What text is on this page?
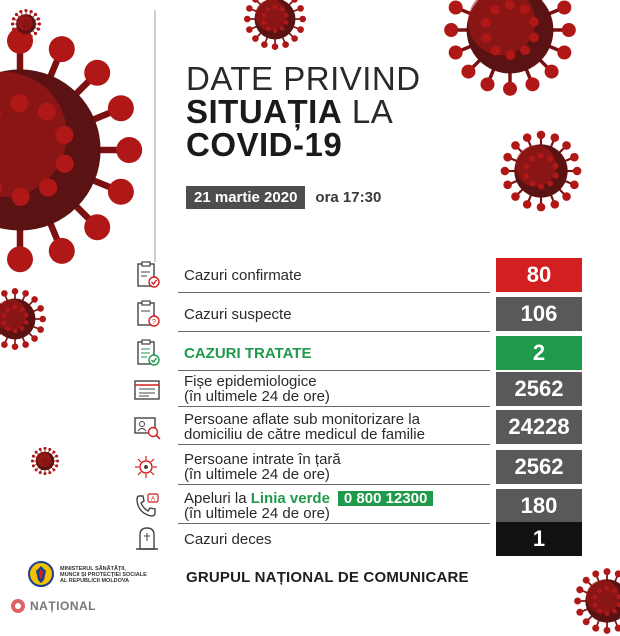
DATE PRIVIND
SITUAȚIA LA
COVID-19
21 martie 2020	ora 17:30
Cazuri confirmate	80
? Cazuri suspecte	106
CAZURI TRATATE	2
Fișe epidemiologice
(în ultimele 24 de ore)	2562
Persoane aflate sub monitorizare la
domiciliu de către medicul de familie	24228
Persoane intrate în țară
(în ultimele 24 de ore)	2562
A Apeluri la Linia verde 0 800 12300
(în ultimele 24 de ore)	180
Cazuri deces	1
MINISTERUL SĂNĂTĂȚII,
MUNCII ȘI PROTECȚIEI SOCIALE
AL REPUBLICII MOLDOVA	GRUPUL NAȚIONAL DE COMUNICARE
NAȚIONAL
